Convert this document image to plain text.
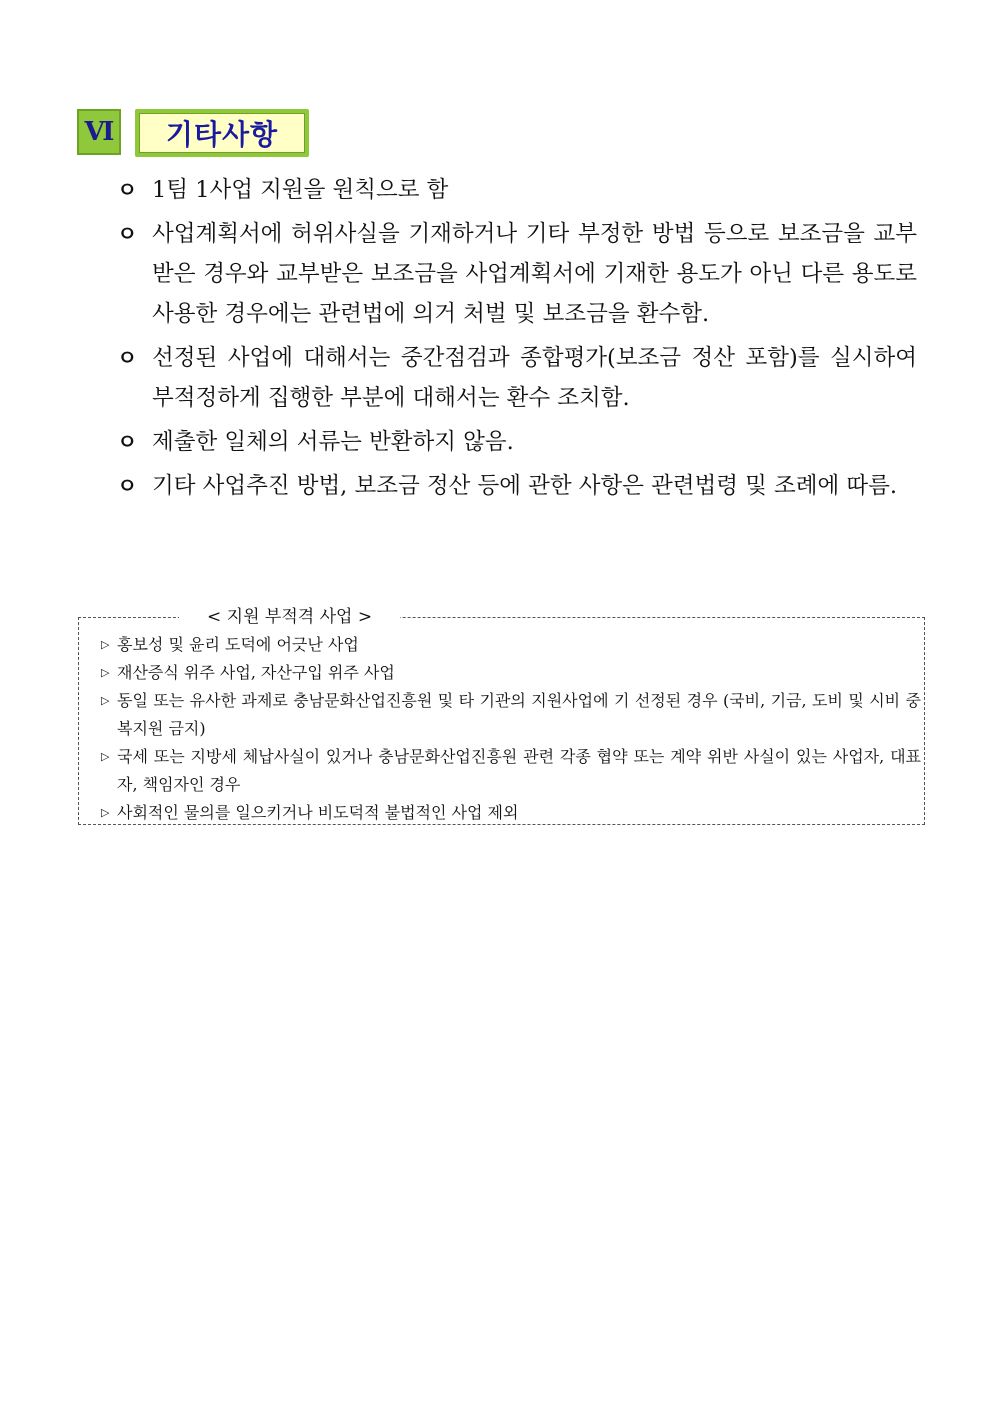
Ⅵ 기타사항
ㅇ 1팀 1사업 지원을 원칙으로 함
ㅇ 사업계획서에 허위사실을 기재하거나 기타 부정한 방법 등으로 보조금을 교부받은 경우와 교부받은 보조금을 사업계획서에 기재한 용도가 아닌 다른 용도로 사용한 경우에는 관련법에 의거 처벌 및 보조금을 환수함.
ㅇ 선정된 사업에 대해서는 중간점검과 종합평가(보조금 정산 포함)를 실시하여 부적정하게 집행한 부분에 대해서는 환수 조치함.
ㅇ 제출한 일체의 서류는 반환하지 않음.
ㅇ 기타 사업추진 방법, 보조금 정산 등에 관한 사항은 관련법령 및 조례에 따름.
< 지원 부적격 사업 >
▷ 홍보성 및 윤리 도덕에 어긋난 사업
▷ 재산증식 위주 사업, 자산구입 위주 사업
▷ 동일 또는 유사한 과제로 충남문화산업진흥원 및 타 기관의 지원사업에 기 선정된 경우 (국비, 기금, 도비 및 시비 중복지원 금지)
▷ 국세 또는 지방세 체납사실이 있거나 충남문화산업진흥원 관련 각종 협약 또는 계약 위반 사실이 있는 사업자, 대표자, 책임자인 경우
▷ 사회적인 물의를 일으키거나 비도덕적 불법적인 사업 제외
